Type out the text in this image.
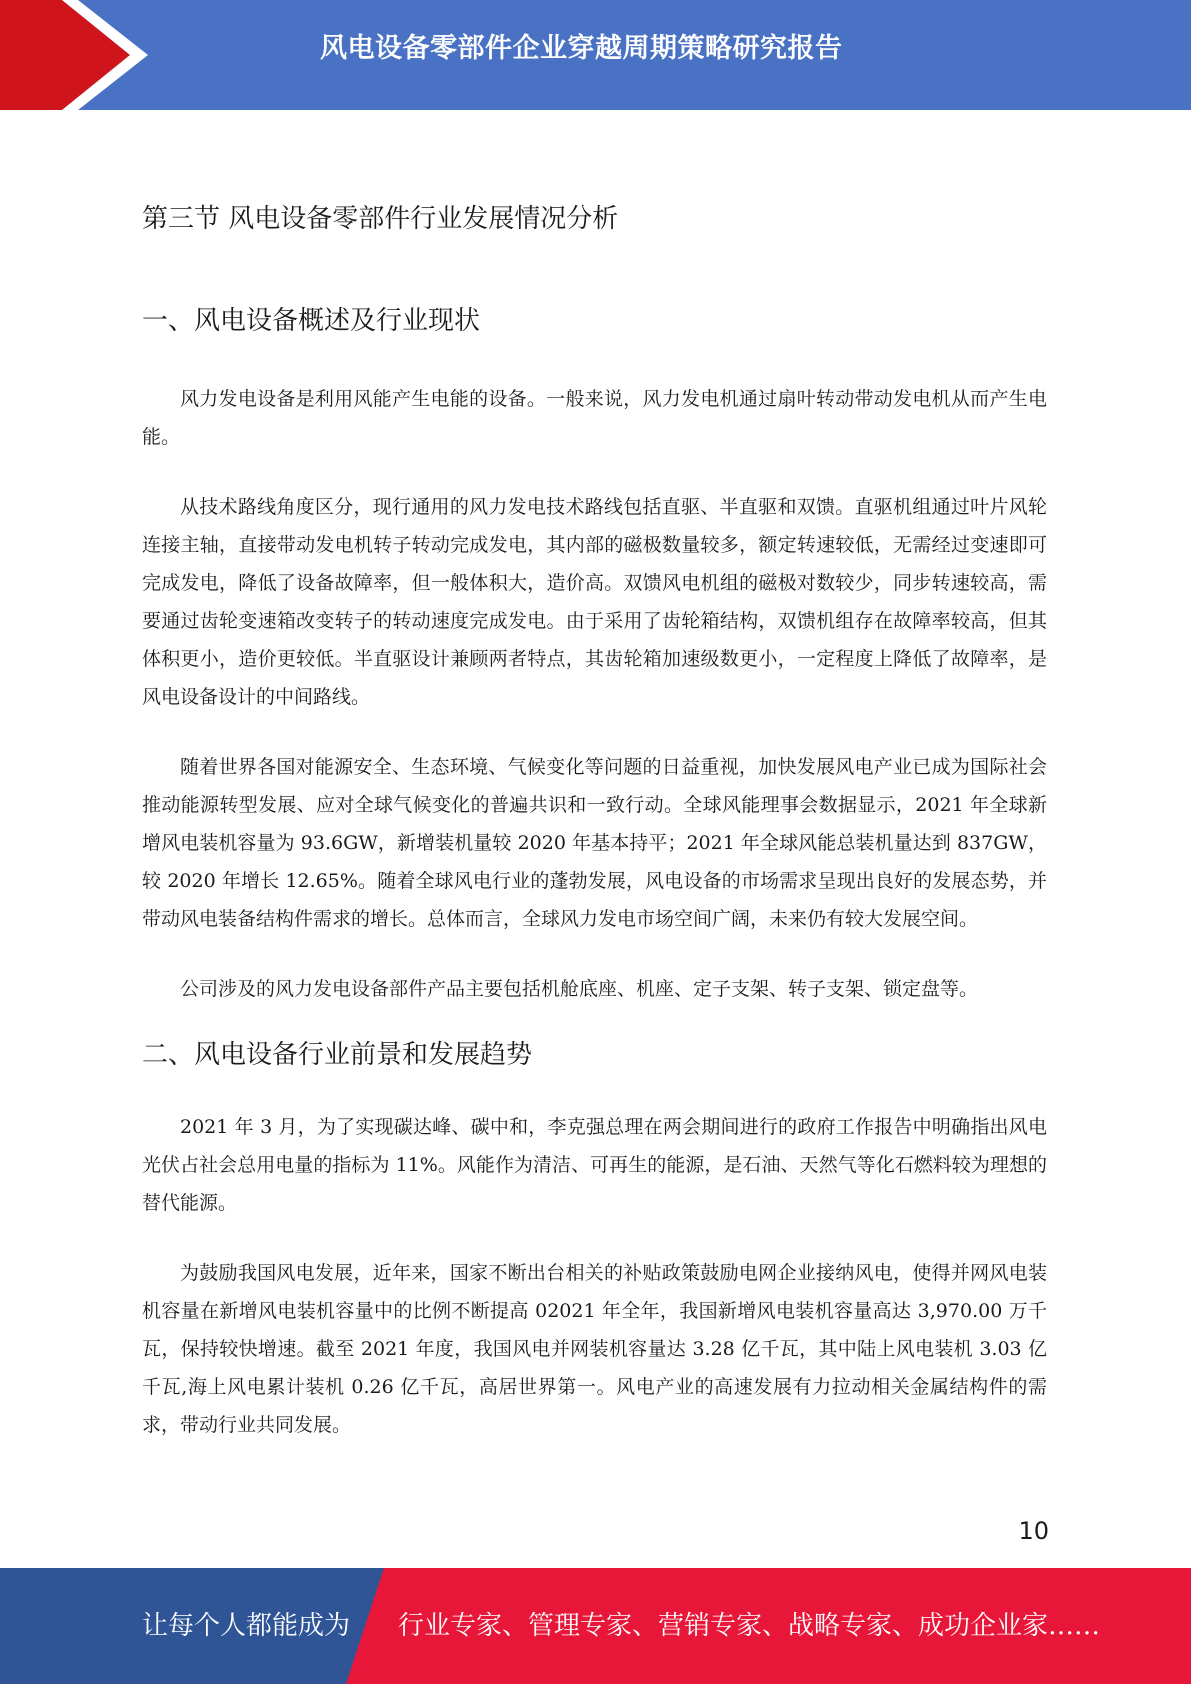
风电设备零部件企业穿越周期策略研究报告
第三节 风电设备零部件行业发展情况分析
一、风电设备概述及行业现状

风力发电设备是利用风能产生电能的设备。一般来说，风力发电机通过扇叶转动带动发电机从而产生电能。

从技术路线角度区分，现行通用的风力发电技术路线包括直驱、半直驱和双馈。直驱机组通过叶片风轮连接主轴，直接带动发电机转子转动完成发电，其内部的磁极数量较多，额定转速较低，无需经过变速即可完成发电，降低了设备故障率，但一般体积大，造价高。双馈风电机组的磁极对数较少，同步转速较高，需要通过齿轮变速箱改变转子的转动速度完成发电。由于采用了齿轮箱结构，双馈机组存在故障率较高，但其体积更小，造价更较低。半直驱设计兼顾两者特点，其齿轮箱加速级数更小，一定程度上降低了故障率，是风电设备设计的中间路线。

随着世界各国对能源安全、生态环境、气候变化等问题的日益重视，加快发展风电产业已成为国际社会推动能源转型发展、应对全球气候变化的普遍共识和一致行动。全球风能理事会数据显示，2021 年全球新增风电装机容量为 93.6GW，新增装机量较 2020 年基本持平；2021 年全球风能总装机量达到 837GW，较 2020 年增长 12.65%。随着全球风电行业的蓬勃发展，风电设备的市场需求呈现出良好的发展态势，并带动风电装备结构件需求的增长。总体而言，全球风力发电市场空间广阔，未来仍有较大发展空间。

公司涉及的风力发电设备部件产品主要包括机舱底座、机座、定子支架、转子支架、锁定盘等。

二、风电设备行业前景和发展趋势

2021 年 3 月，为了实现碳达峰、碳中和，李克强总理在两会期间进行的政府工作报告中明确指出风电光伏占社会总用电量的指标为 11%。风能作为清洁、可再生的能源，是石油、天然气等化石燃料较为理想的替代能源。

为鼓励我国风电发展，近年来，国家不断出台相关的补贴政策鼓励电网企业接纳风电，使得并网风电装机容量在新增风电装机容量中的比例不断提高 02021 年全年，我国新增风电装机容量高达 3,970.00 万千瓦，保持较快增速。截至 2021 年度，我国风电并网装机容量达 3.28 亿千瓦，其中陆上风电装机 3.03 亿千瓦,海上风电累计装机 0.26 亿千瓦，高居世界第一。风电产业的高速发展有力拉动相关金属结构件的需求，带动行业共同发展。

10
让每个人都能成为 行业专家、管理专家、营销专家、战略专家、成功企业家……
